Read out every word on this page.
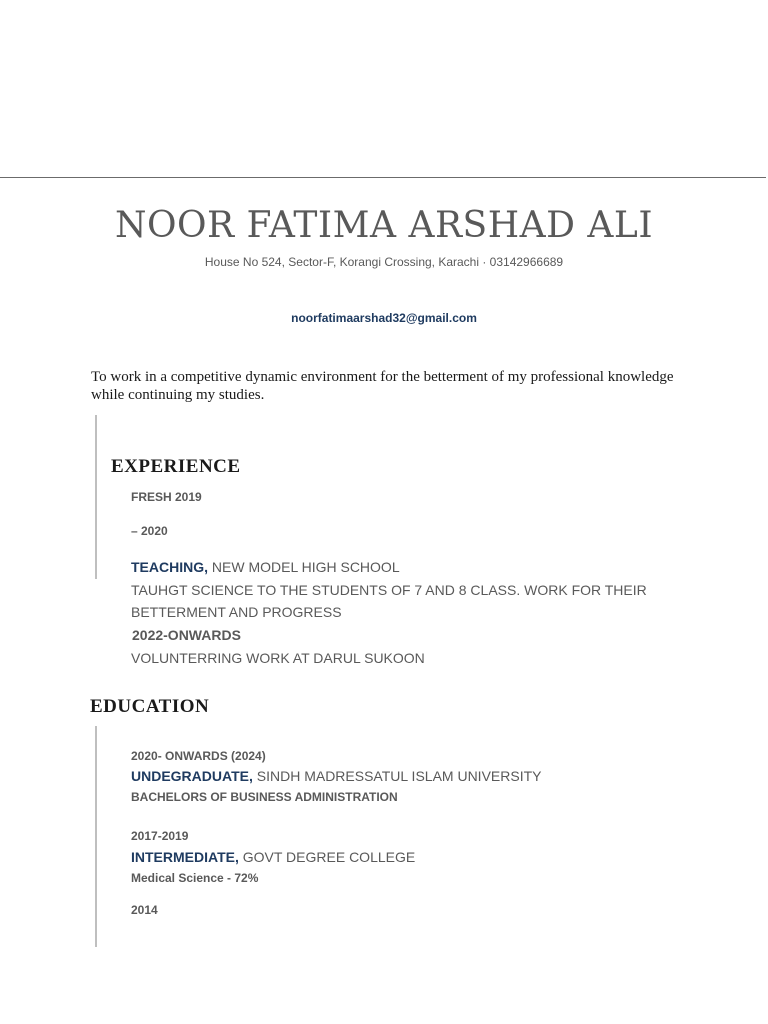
NOOR FATIMA ARSHAD ALI
House No 524, Sector-F, Korangi Crossing, Karachi · 03142966689
noorfatimaarshad32@gmail.com
To work in a competitive dynamic environment for the betterment of my professional knowledge while continuing my studies.
EXPERIENCE
FRESH 2019
– 2020
TEACHING, NEW MODEL HIGH SCHOOL
TAUHGT SCIENCE TO THE STUDENTS OF 7 AND 8 CLASS. WORK FOR THEIR BETTERMENT AND PROGRESS
2022-ONWARDS
VOLUNTERRING WORK AT DARUL SUKOON
EDUCATION
2020- ONWARDS (2024)
UNDEGRADUATE, SINDH MADRESSATUL ISLAM UNIVERSITY
BACHELORS OF BUSINESS ADMINISTRATION
2017-2019
INTERMEDIATE, GOVT DEGREE COLLEGE
Medical Science - 72%
2014
